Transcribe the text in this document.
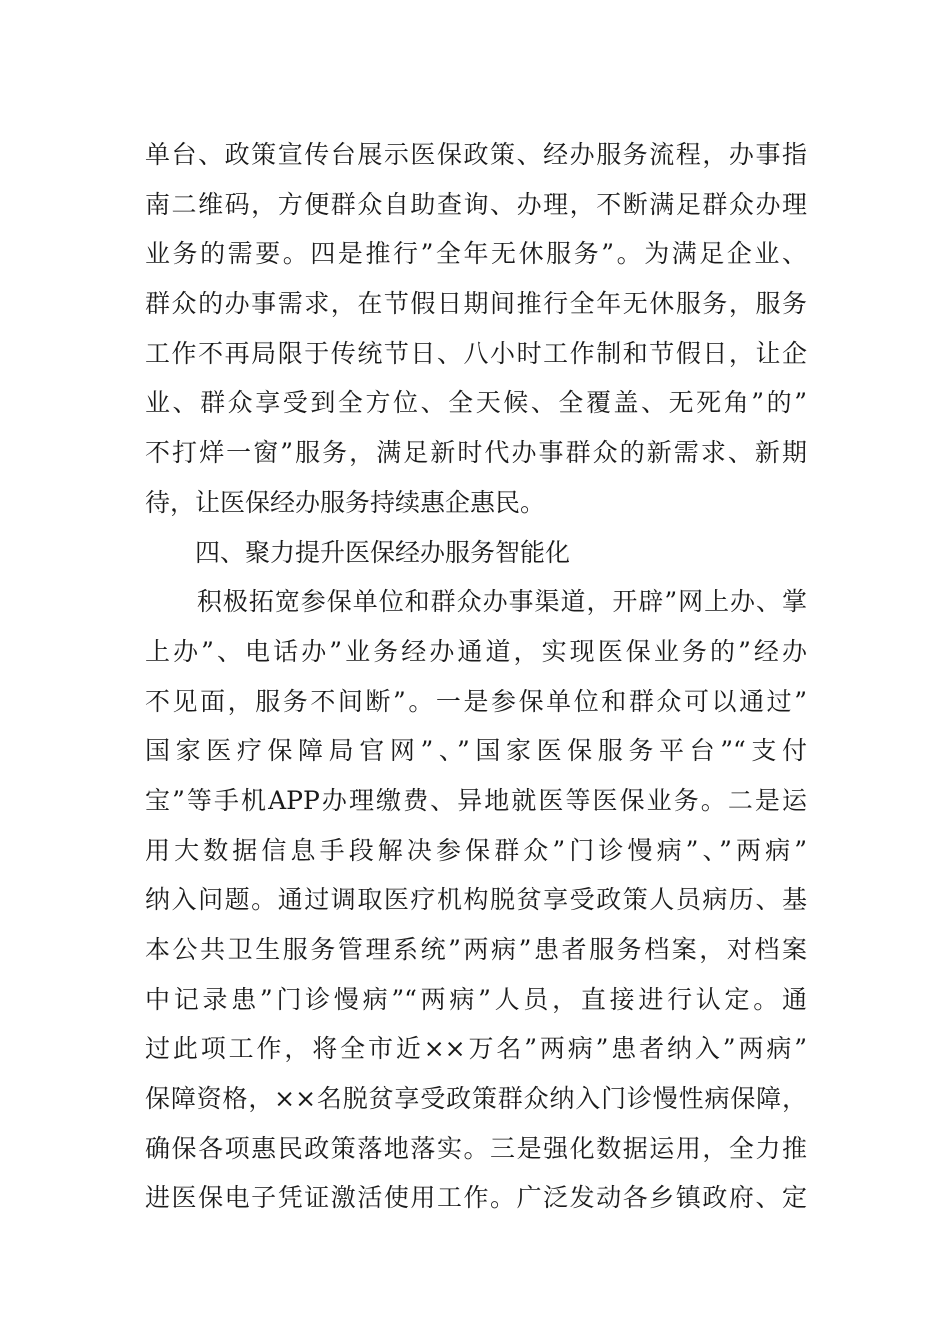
单台、政策宣传台展示医保政策、经办服务流程，办事指
南二维码，方便群众自助查询、办理，不断满足群众办理
业务的需要。四是推行”全年无休服务”。为满足企业、
群众的办事需求，在节假日期间推行全年无休服务，服务
工作不再局限于传统节日、八小时工作制和节假日，让企
业、群众享受到全方位、全天候、全覆盖、无死角”的”
不打烊一窗”服务，满足新时代办事群众的新需求、新期
待，让医保经办服务持续惠企惠民。
　　四、聚力提升医保经办服务智能化
　　积极拓宽参保单位和群众办事渠道，开辟”网上办、掌
上办”、电话办”业务经办通道，实现医保业务的”经办
不见面，服务不间断”。一是参保单位和群众可以通过”
国家医疗保障局官网”、”国家医保服务平台”“支付
宝”等手机APP办理缴费、异地就医等医保业务。二是运
用大数据信息手段解决参保群众”门诊慢病”、”两病”
纳入问题。通过调取医疗机构脱贫享受政策人员病历、基
本公共卫生服务管理系统”两病”患者服务档案，对档案
中记录患”门诊慢病”“两病”人员，直接进行认定。通
过此项工作，将全市近××万名”两病”患者纳入”两病”
保障资格，××名脱贫享受政策群众纳入门诊慢性病保障，
确保各项惠民政策落地落实。三是强化数据运用，全力推
进医保电子凭证激活使用工作。广泛发动各乡镇政府、定
